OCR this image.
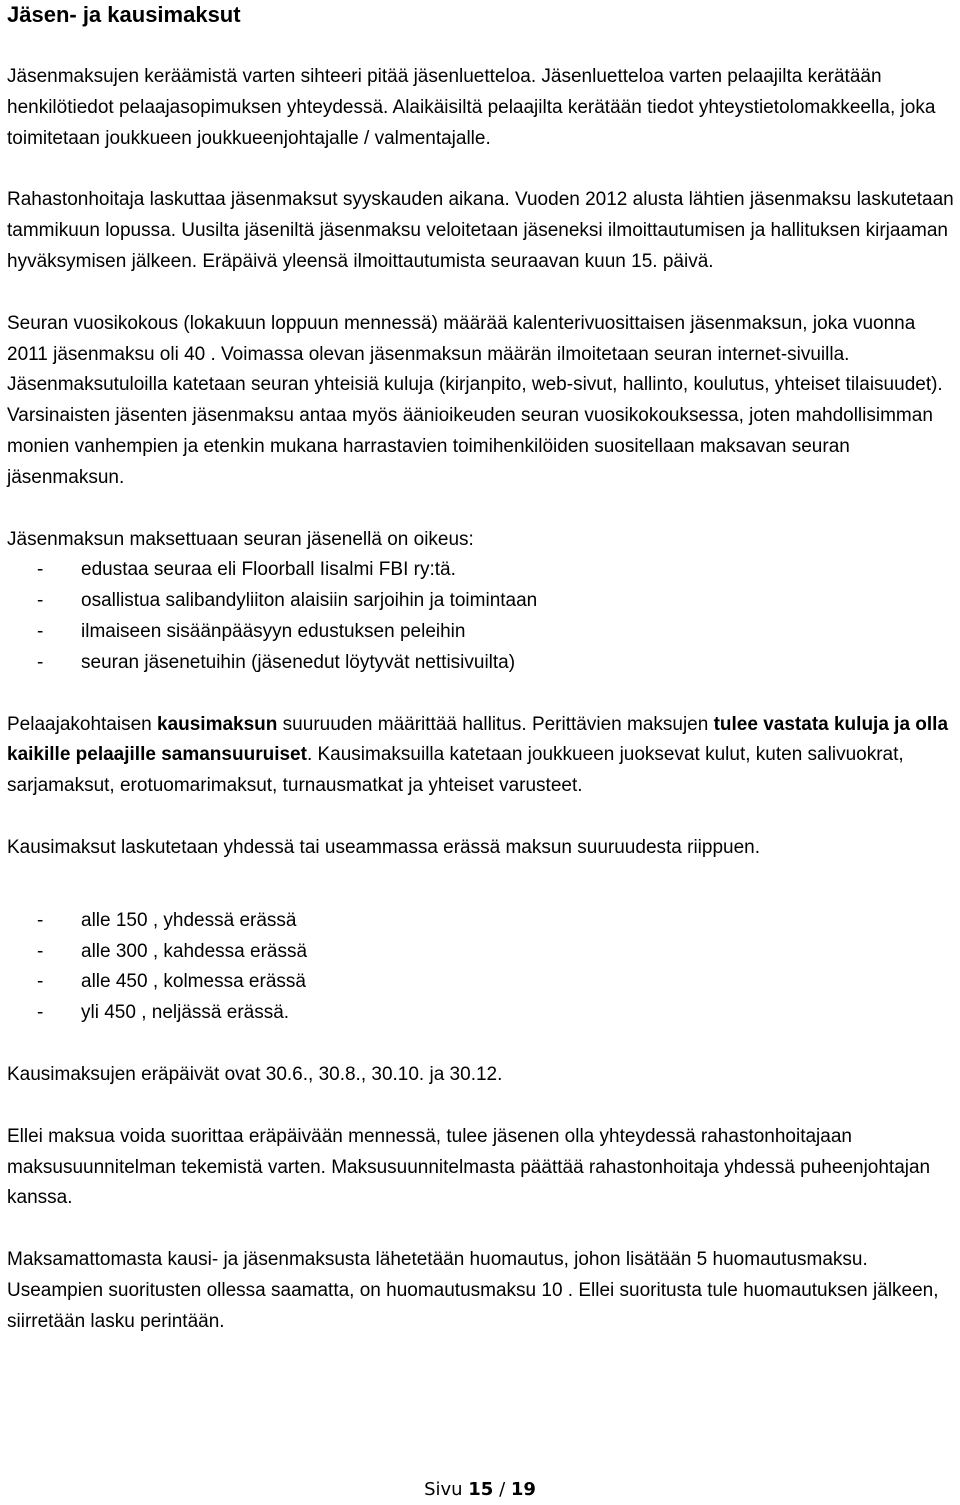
Jäsen- ja kausimaksut

Jäsenmaksujen keräämistä varten sihteeri pitää jäsenluetteloa. Jäsenluetteloa varten pelaajilta kerätään henkilötiedot pelaajasopimuksen yhteydessä. Alaikäisiltä pelaajilta kerätään tiedot yhteystietolomakkeella, joka toimitetaan joukkueen joukkueenjohtajalle / valmentajalle.

Rahastonhoitaja laskuttaa jäsenmaksut syyskauden aikana. Vuoden 2012 alusta lähtien jäsenmaksu laskutetaan tammikuun lopussa. Uusilta jäseniltä jäsenmaksu veloitetaan jäseneksi ilmoittautumisen ja hallituksen kirjaaman hyväksymisen jälkeen. Eräpäivä yleensä ilmoittautumista seuraavan kuun 15. päivä.

Seuran vuosikokous (lokakuun loppuun mennessä) määrää kalenterivuosittaisen jäsenmaksun, joka vuonna 2011 jäsenmaksu oli 40 . Voimassa olevan jäsenmaksun määrän ilmoitetaan seuran internet-sivuilla. Jäsenmaksutuloilla katetaan seuran yhteisiä kuluja (kirjanpito, web-sivut, hallinto, koulutus, yhteiset tilaisuudet). Varsinaisten jäsenten jäsenmaksu antaa myös äänioikeuden seuran vuosikokouksessa, joten mahdollisimman monien vanhempien ja etenkin mukana harrastavien toimihenkilöiden suositellaan maksavan seuran jäsenmaksun.

Jäsenmaksun maksettuaan seuran jäsenellä on oikeus:

- edustaa seuraa eli Floorball Iisalmi FBI ry:tä.
- osallistua salibandyliiton alaisiin sarjoihin ja toimintaan
- ilmaiseen sisäänpääsyyn edustuksen peleihin
- seuran jäsenetuihin (jäsenedut löytyvät nettisivuilta)

Pelaajakohtaisen kausimaksun suuruuden määrittää hallitus. Perittävien maksujen tulee vastata kuluja ja olla kaikille pelaajille samansuuruiset. Kausimaksuilla katetaan joukkueen juoksevat kulut, kuten salivuokrat, sarjamaksut, erotuomarimaksut, turnausmatkat ja yhteiset varusteet.

Kausimaksut laskutetaan yhdessä tai useammassa erässä maksun suuruudesta riippuen.

- alle 150 , yhdessä erässä
- alle 300 , kahdessa erässä
- alle 450 , kolmessa erässä
- yli 450 , neljässä erässä.

Kausimaksujen eräpäivät ovat 30.6., 30.8., 30.10. ja 30.12.

Ellei maksua voida suorittaa eräpäivään mennessä, tulee jäsenen olla yhteydessä rahastonhoitajaan maksusuunnitelman tekemistä varten. Maksusuunnitelmasta päättää rahastonhoitaja yhdessä puheenjohtajan kanssa.

Maksamattomasta kausi- ja jäsenmaksusta lähetetään huomautus, johon lisätään 5 huomautusmaksu. Useampien suoritusten ollessa saamatta, on huomautusmaksu 10 . Ellei suoritusta tule huomautuksen jälkeen, siirretään lasku perintään.

Sivu 15 / 19
